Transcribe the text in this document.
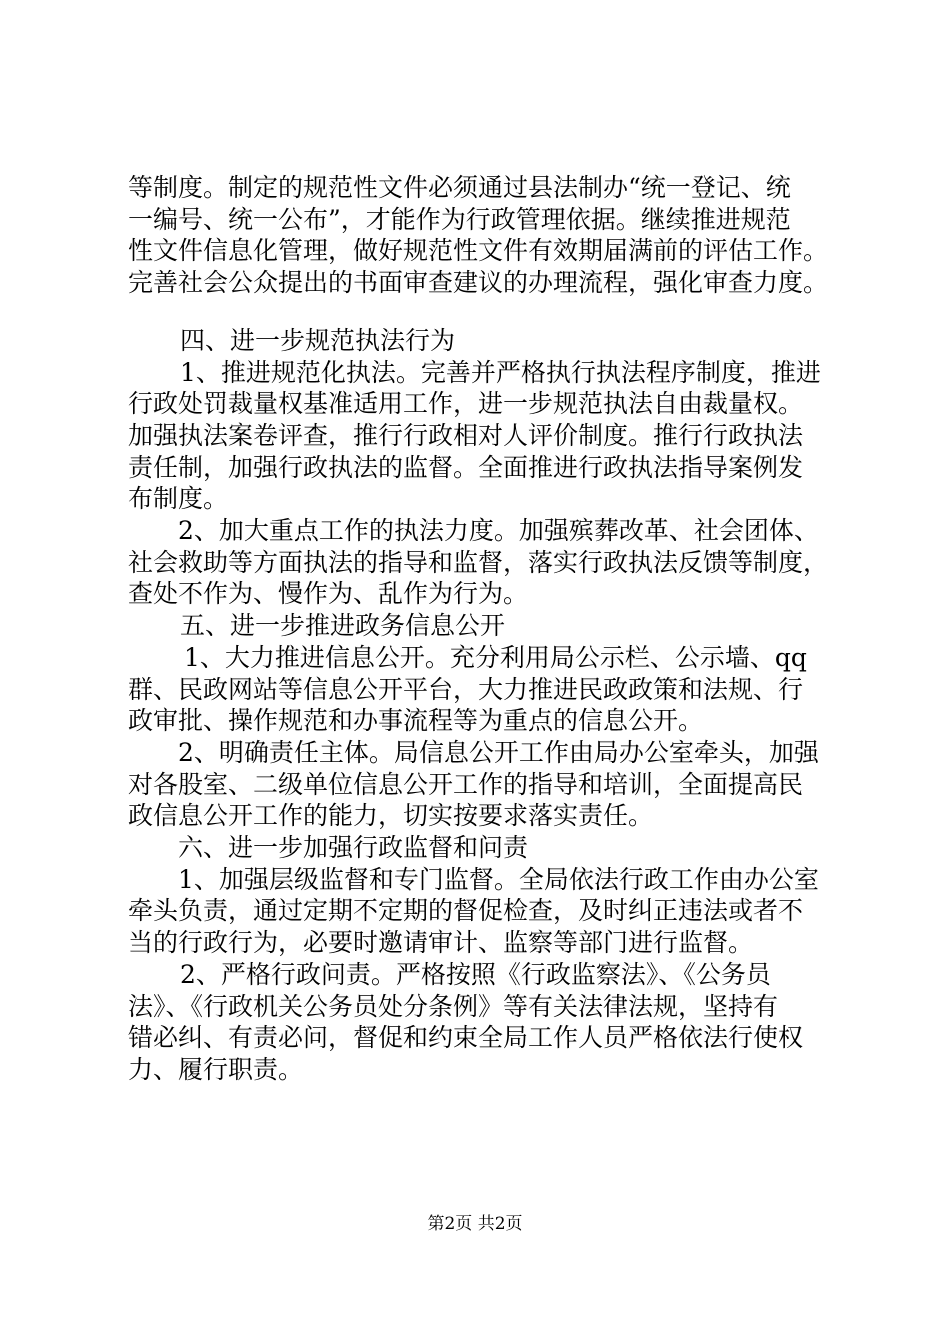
等制度。制定的规范性文件必须通过县法制办“统一登记、统
一编号、统一公布”，才能作为行政管理依据。继续推进规范
性文件信息化管理，做好规范性文件有效期届满前的评估工作。
完善社会公众提出的书面审查建议的办理流程，强化审查力度。
四、进一步规范执法行为
1、推进规范化执法。完善并严格执行执法程序制度，推进
行政处罚裁量权基准适用工作，进一步规范执法自由裁量权。
加强执法案卷评查，推行行政相对人评价制度。推行行政执法
责任制，加强行政执法的监督。全面推进行政执法指导案例发
布制度。
2、加大重点工作的执法力度。加强殡葬改革、社会团体、
社会救助等方面执法的指导和监督，落实行政执法反馈等制度，
查处不作为、慢作为、乱作为行为。
五、进一步推进政务信息公开
1、大力推进信息公开。充分利用局公示栏、公示墙、qq
群、民政网站等信息公开平台，大力推进民政政策和法规、行
政审批、操作规范和办事流程等为重点的信息公开。
2、明确责任主体。局信息公开工作由局办公室牵头，加强
对各股室、二级单位信息公开工作的指导和培训，全面提高民
政信息公开工作的能力，切实按要求落实责任。
六、进一步加强行政监督和问责
1、加强层级监督和专门监督。全局依法行政工作由办公室
牵头负责，通过定期不定期的督促检查，及时纠正违法或者不
当的行政行为，必要时邀请审计、监察等部门进行监督。
2、严格行政问责。严格按照《行政监察法》、《公务员
法》、《行政机关公务员处分条例》等有关法律法规，坚持有
错必纠、有责必问，督促和约束全局工作人员严格依法行使权
力、履行职责。
第2页 共2页
